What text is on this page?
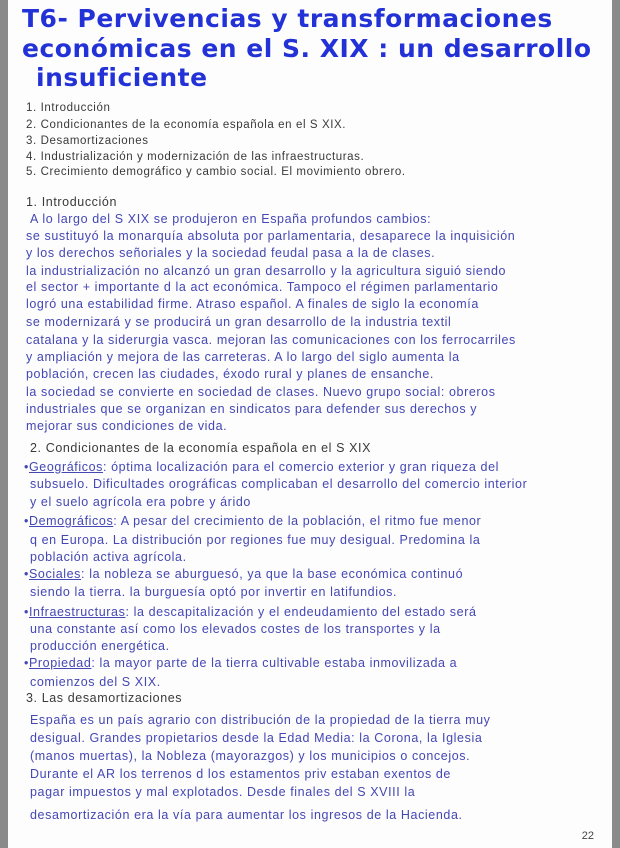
T6- Pervivencias y transformaciones
económicas en el S. XIX : un desarrollo
insuficiente
1. Introducción
2. Condicionantes de la economía española en el S XIX.
3. Desamortizaciones
4. Industrialización y modernización de las infraestructuras.
5. Crecimiento demográfico y cambio social. El movimiento obrero.
1. Introducción
A lo largo del S XIX se produjeron en España profundos cambios:
se sustituyó la monarquía absoluta por parlamentaria, desaparece la inquisición
y los derechos señoriales y la sociedad feudal pasa a la de clases.
la industrialización no alcanzó un gran desarrollo y la agricultura siguió siendo
el sector + importante d la act económica. Tampoco el régimen parlamentario
logró una estabilidad firme. Atraso español. A finales de siglo la economía
se modernizará y se producirá un gran desarrollo de la industria textil
catalana y la siderurgia vasca. mejoran las comunicaciones con los ferrocarriles
y ampliación y mejora de las carreteras. A lo largo del siglo aumenta la
población, crecen las ciudades, éxodo rural y planes de ensanche.
la sociedad se convierte en sociedad de clases. Nuevo grupo social: obreros
industriales que se organizan en sindicatos para defender sus derechos y
mejorar sus condiciones de vida.
2. Condicionantes de la economía española en el S XIX
•Geográficos: óptima localización para el comercio exterior y gran riqueza del
subsuelo. Dificultades orográficas complicaban el desarrollo del comercio interior
y el suelo agrícola era pobre y árido
•Demográficos: A pesar del crecimiento de la población, el ritmo fue menor
q en Europa. La distribución por regiones fue muy desigual. Predomina la
población activa agrícola.
•Sociales: la nobleza se aburguesó, ya que la base económica continuó
siendo la tierra. la burguesía optó por invertir en latifundios.
•Infraestructuras: la descapitalización y el endeudamiento del estado será
una constante así como los elevados costes de los transportes y la
producción energética.
•Propiedad: la mayor parte de la tierra cultivable estaba inmovilizada a
comienzos del S XIX.
3. Las desamortizaciones
España es un país agrario con distribución de la propiedad de la tierra muy
desigual. Grandes propietarios desde la Edad Media: la Corona, la Iglesia
(manos muertas), la Nobleza (mayorazgos) y los municipios o concejos.
Durante el AR los terrenos d los estamentos priv estaban exentos de
pagar impuestos y mal explotados. Desde finales del S XVIII la
desamortización era la vía para aumentar los ingresos de la Hacienda.
22
